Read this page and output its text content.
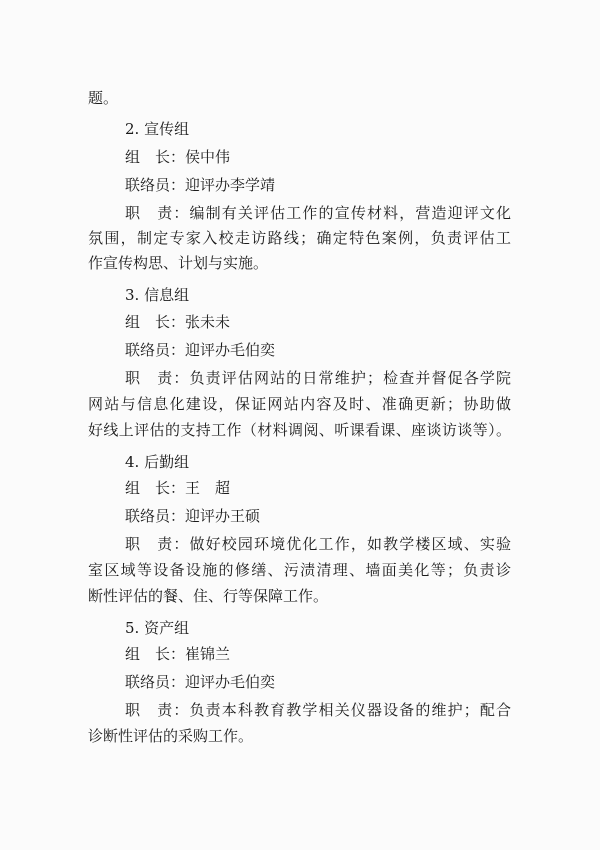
题。
2. 宣传组
组　长：侯中伟
联络员：迎评办李学靖
职　责：编制有关评估工作的宣传材料，营造迎评文化
氛围，制定专家入校走访路线；确定特色案例，负责评估工
作宣传构思、计划与实施。
3. 信息组
组　长：张未未
联络员：迎评办毛伯奕
职　责：负责评估网站的日常维护；检查并督促各学院
网站与信息化建设，保证网站内容及时、准确更新；协助做
好线上评估的支持工作（材料调阅、听课看课、座谈访谈等）。
4. 后勤组
组　长：王　超
联络员：迎评办王硕
职　责：做好校园环境优化工作，如教学楼区域、实验
室区域等设备设施的修缮、污渍清理、墙面美化等；负责诊
断性评估的餐、住、行等保障工作。
5. 资产组
组　长：崔锦兰
联络员：迎评办毛伯奕
职　责：负责本科教育教学相关仪器设备的维护；配合
诊断性评估的采购工作。
